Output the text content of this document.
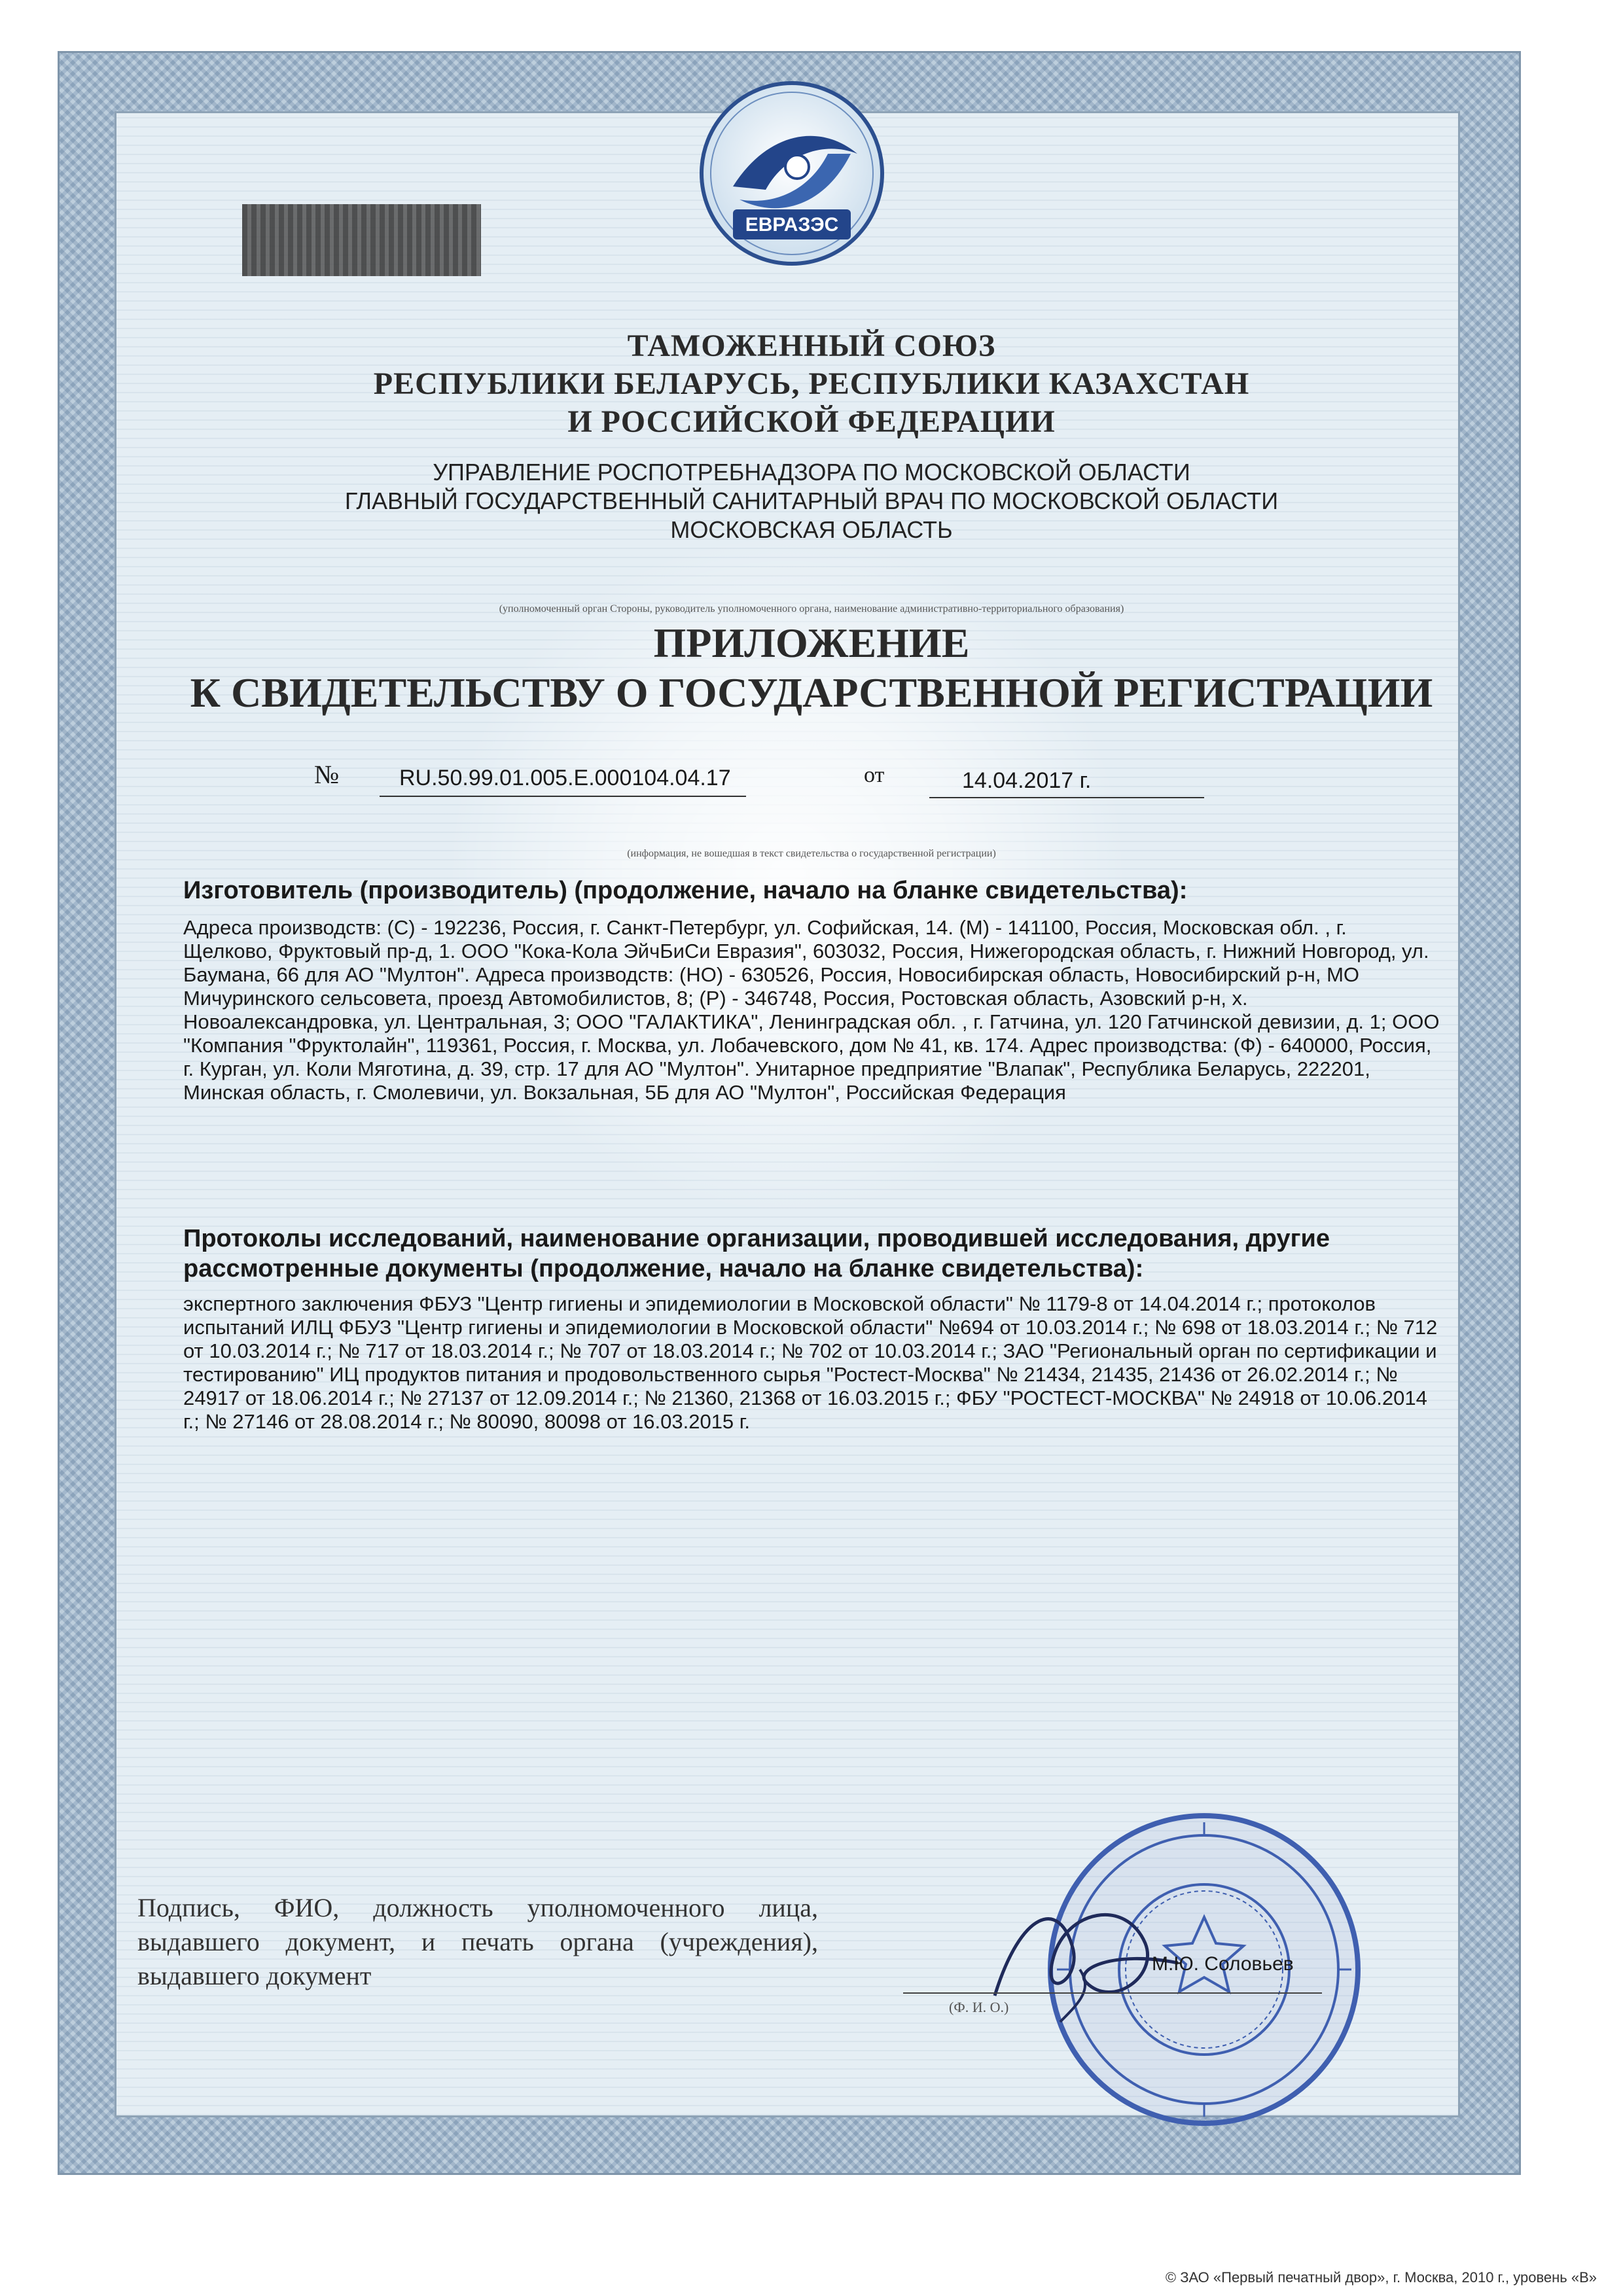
ЕВРАЗЭС
ТАМОЖЕННЫЙ СОЮЗ
РЕСПУБЛИКИ БЕЛАРУСЬ, РЕСПУБЛИКИ КАЗАХСТАН
И РОССИЙСКОЙ ФЕДЕРАЦИИ
УПРАВЛЕНИЕ РОСПОТРЕБНАДЗОРА ПО МОСКОВСКОЙ ОБЛАСТИ
ГЛАВНЫЙ ГОСУДАРСТВЕННЫЙ САНИТАРНЫЙ ВРАЧ ПО МОСКОВСКОЙ ОБЛАСТИ
МОСКОВСКАЯ ОБЛАСТЬ
(уполномоченный орган Стороны, руководитель уполномоченного органа, наименование административно-территориального образования)
ПРИЛОЖЕНИЕ
К СВИДЕТЕЛЬСТВУ О ГОСУДАРСТВЕННОЙ РЕГИСТРАЦИИ
№	RU.50.99.01.005.Е.000104.04.17	от	14.04.2017 г.
(информация, не вошедшая в текст свидетельства о государственной регистрации)
Изготовитель (производитель) (продолжение, начало на бланке свидетельства):
Адреса производств: (С) - 192236, Россия, г. Санкт-Петербург, ул. Софийская, 14. (М) - 141100, Россия, Московская обл. , г. Щелково, Фруктовый пр-д, 1. ООО "Кока-Кола ЭйчБиСи Евразия", 603032, Россия, Нижегородская область, г. Нижний Новгород, ул. Баумана, 66 для АО "Мултон". Адреса производств: (НО) - 630526, Россия, Новосибирская область, Новосибирский р-н, МО Мичуринского сельсовета, проезд Автомобилистов, 8; (Р) - 346748, Россия, Ростовская область, Азовский р-н, х. Новоалександровка, ул. Центральная, 3; ООО "ГАЛАКТИКА", Ленинградская обл. , г. Гатчина, ул. 120 Гатчинской девизии, д. 1; ООО "Компания "Фруктолайн", 119361, Россия, г. Москва, ул. Лобачевского, дом № 41, кв. 174. Адрес производства: (Ф) - 640000, Россия, г. Курган, ул. Коли Мяготина, д. 39, стр. 17 для АО "Мултон". Унитарное предприятие "Влапак", Республика Беларусь, 222201, Минская область, г. Смолевичи, ул. Вокзальная, 5Б для АО "Мултон", Российская Федерация
Протоколы исследований, наименование организации, проводившей исследования, другие рассмотренные документы (продолжение, начало на бланке свидетельства):
экспертного заключения ФБУЗ "Центр гигиены и эпидемиологии в Московской области" № 1179-8 от 14.04.2014 г.; протоколов испытаний ИЛЦ ФБУЗ "Центр гигиены и эпидемиологии в Московской области" №694 от 10.03.2014 г.; № 698 от 18.03.2014 г.; № 712 от 10.03.2014 г.; № 717 от 18.03.2014 г.; № 707 от 18.03.2014 г.; № 702 от 10.03.2014 г.; ЗАО "Региональный орган по сертификации и тестированию" ИЦ продуктов питания и продовольственного сырья "Ростест-Москва" № 21434, 21435, 21436 от 26.02.2014 г.; № 24917 от 18.06.2014 г.; № 27137 от 12.09.2014 г.; № 21360, 21368 от 16.03.2015 г.; ФБУ "РОСТЕСТ-МОСКВА" № 24918 от 10.06.2014 г.; № 27146 от 28.08.2014 г.; № 80090, 80098 от 16.03.2015 г.
Подпись, ФИО, должность уполномоченного лица, выдавшего документ, и печать органа (учреждения), выдавшего документ	М.Ю. Соловьев
(Ф. И. О.)
© ЗАО «Первый печатный двор», г. Москва, 2010 г., уровень «В»
